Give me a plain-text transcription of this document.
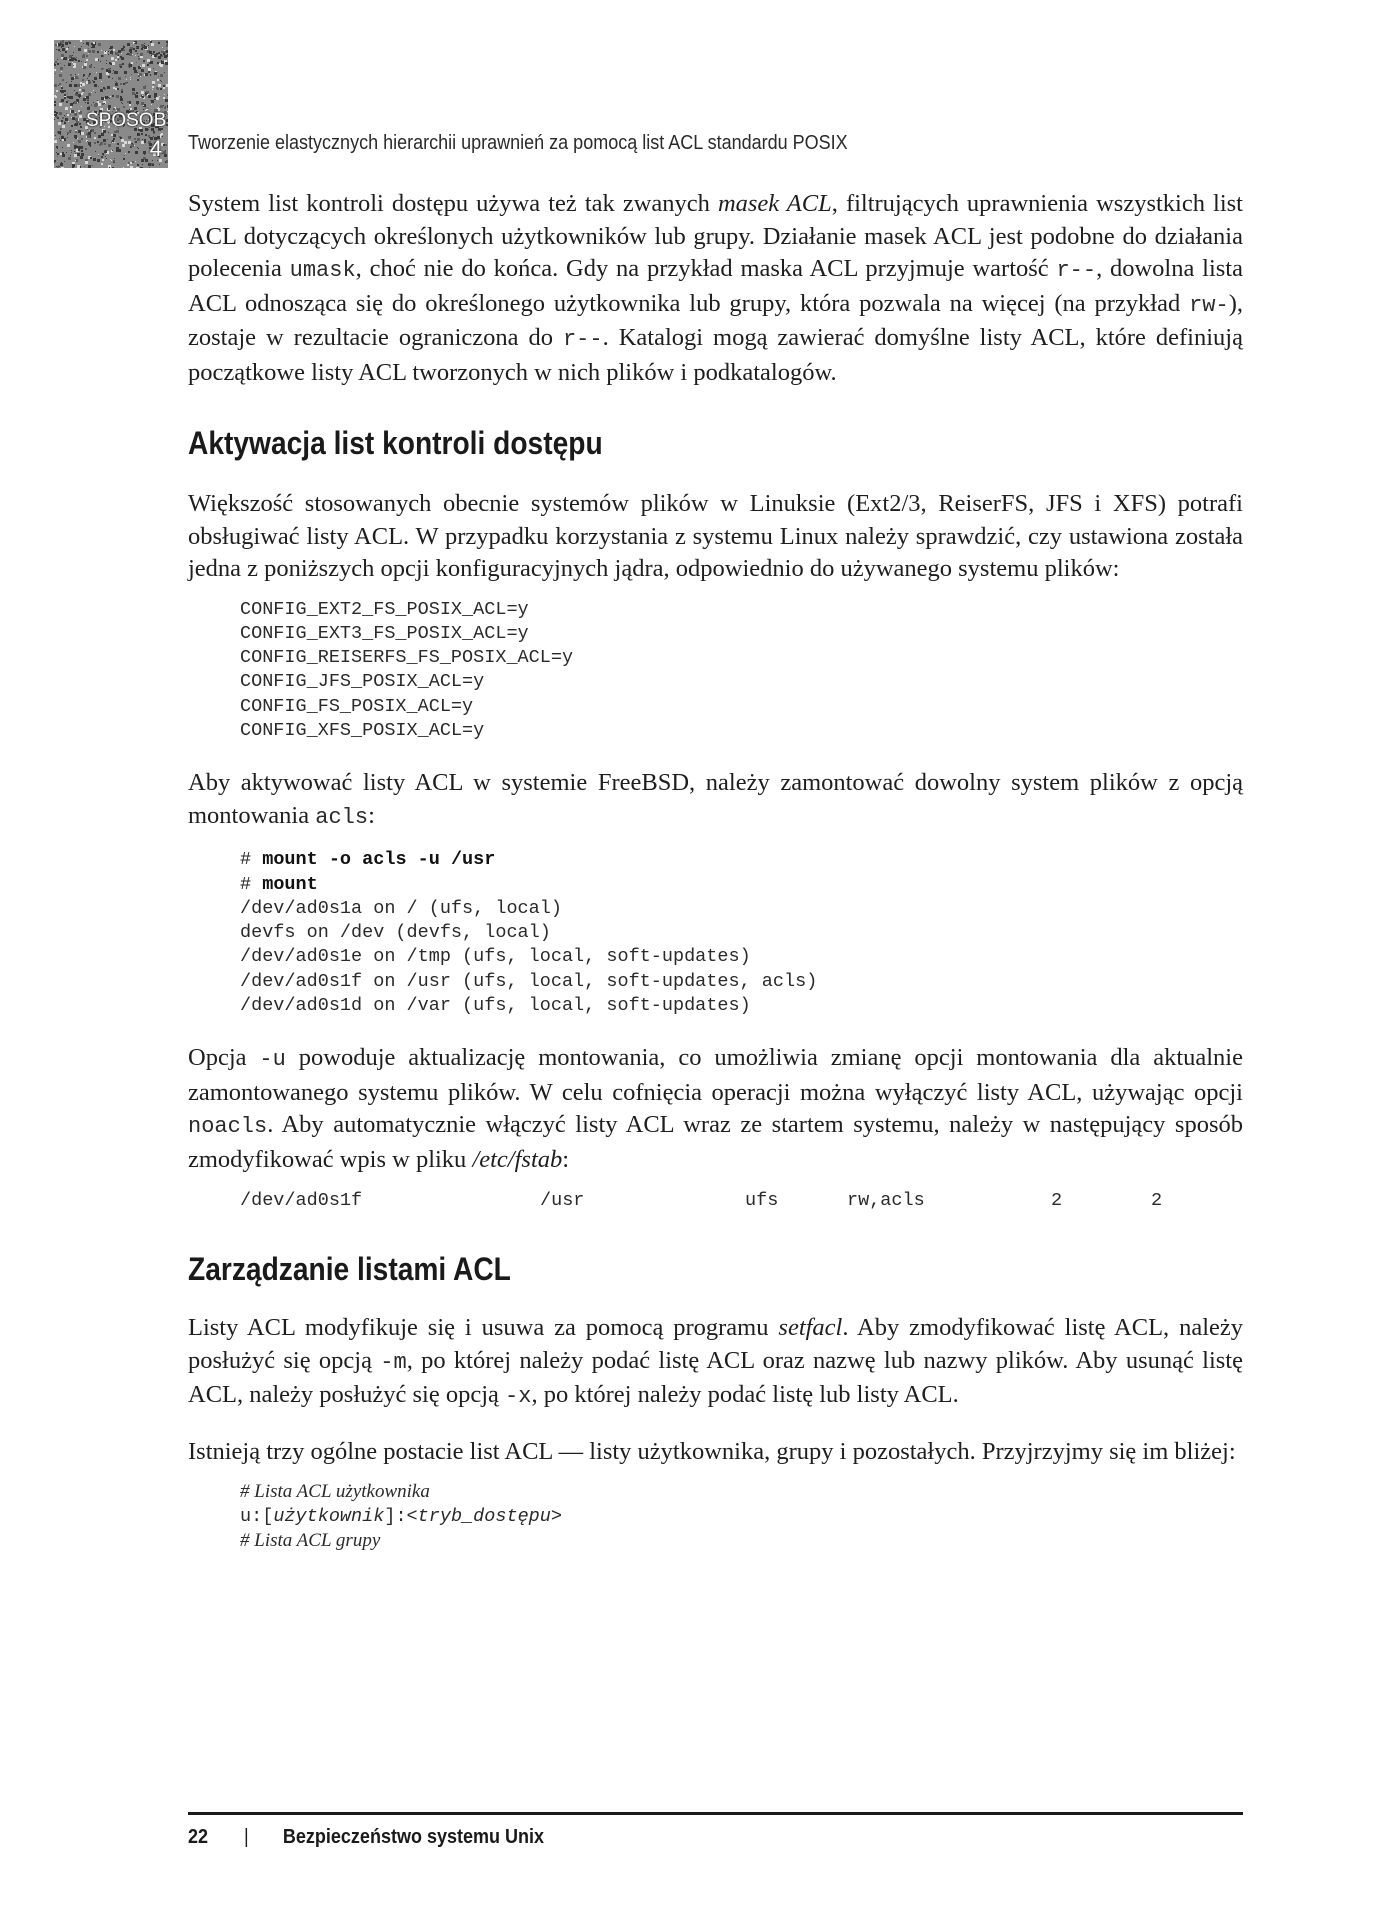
SPOSÓB
4 Tworzenie elastycznych hierarchii uprawnień za pomocą list ACL standardu POSIX

System list kontroli dostępu używa też tak zwanych masek ACL, filtrujących uprawnienia wszystkich list ACL dotyczących określonych użytkowników lub grupy. Działanie masek ACL jest podobne do działania polecenia umask, choć nie do końca. Gdy na przykład maska ACL przyjmuje wartość r--, dowolna lista ACL odnosząca się do określonego użytkownika lub grupy, która pozwala na więcej (na przykład rw-), zostaje w rezultacie ograniczona do r--. Katalogi mogą zawierać domyślne listy ACL, które definiują początkowe listy ACL tworzonych w nich plików i podkatalogów.

Aktywacja list kontroli dostępu

Większość stosowanych obecnie systemów plików w Linuksie (Ext2/3, ReiserFS, JFS i XFS) potrafi obsługiwać listy ACL. W przypadku korzystania z systemu Linux należy sprawdzić, czy ustawiona została jedna z poniższych opcji konfiguracyjnych jądra, odpowiednio do używanego systemu plików:

CONFIG_EXT2_FS_POSIX_ACL=y
CONFIG_EXT3_FS_POSIX_ACL=y
CONFIG_REISERFS_FS_POSIX_ACL=y
CONFIG_JFS_POSIX_ACL=y
CONFIG_FS_POSIX_ACL=y
CONFIG_XFS_POSIX_ACL=y

Aby aktywować listy ACL w systemie FreeBSD, należy zamontować dowolny system plików z opcją montowania acls:

# mount -o acls -u /usr
# mount
/dev/ad0s1a on / (ufs, local)
devfs on /dev (devfs, local)
/dev/ad0s1e on /tmp (ufs, local, soft-updates)
/dev/ad0s1f on /usr (ufs, local, soft-updates, acls)
/dev/ad0s1d on /var (ufs, local, soft-updates)

Opcja -u powoduje aktualizację montowania, co umożliwia zmianę opcji montowania dla aktualnie zamontowanego systemu plików. W celu cofnięcia operacji można wyłączyć listy ACL, używając opcji noacls. Aby automatycznie włączyć listy ACL wraz ze startem systemu, należy w następujący sposób zmodyfikować wpis w pliku /etc/fstab:

/dev/ad0s1f	/usr	ufs	rw,acls	2	2
Zarządzanie listami ACL

Listy ACL modyfikuje się i usuwa za pomocą programu setfacl. Aby zmodyfikować listę ACL, należy posłużyć się opcją -m, po której należy podać listę ACL oraz nazwę lub nazwy plików. Aby usunąć listę ACL, należy posłużyć się opcją -x, po której należy podać listę lub listy ACL.

Istnieją trzy ogólne postacie list ACL — listy użytkownika, grupy i pozostałych. Przyjrzyjmy się im bliżej:

# Lista ACL użytkownika
u:[użytkownik]:<tryb_dostępu>
# Lista ACL grupy
22 | Bezpieczeństwo systemu Unix
